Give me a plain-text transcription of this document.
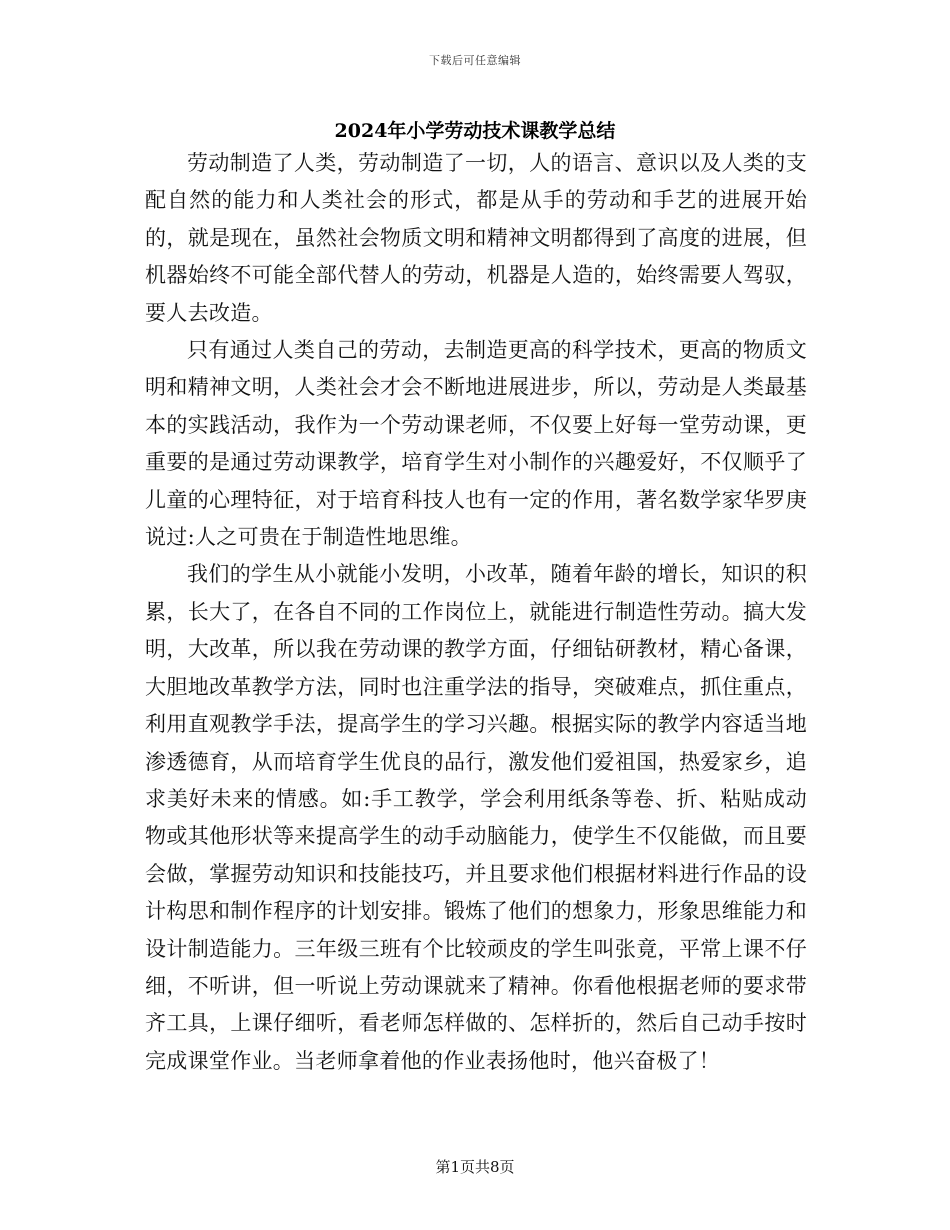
下载后可任意编辑
2024年小学劳动技术课教学总结

劳动制造了人类，劳动制造了一切，人的语言、意识以及人类的支配自然的能力和人类社会的形式，都是从手的劳动和手艺的进展开始的，就是现在，虽然社会物质文明和精神文明都得到了高度的进展，但机器始终不可能全部代替人的劳动，机器是人造的，始终需要人驾驭，要人去改造。

只有通过人类自己的劳动，去制造更高的科学技术，更高的物质文明和精神文明，人类社会才会不断地进展进步，所以，劳动是人类最基本的实践活动，我作为一个劳动课老师，不仅要上好每一堂劳动课，更重要的是通过劳动课教学，培育学生对小制作的兴趣爱好，不仅顺乎了儿童的心理特征，对于培育科技人也有一定的作用，著名数学家华罗庚说过:人之可贵在于制造性地思维。

我们的学生从小就能小发明，小改革，随着年龄的增长，知识的积累，长大了，在各自不同的工作岗位上，就能进行制造性劳动。搞大发明，大改革，所以我在劳动课的教学方面，仔细钻研教材，精心备课，大胆地改革教学方法，同时也注重学法的指导，突破难点，抓住重点，利用直观教学手法，提高学生的学习兴趣。根据实际的教学内容适当地渗透德育，从而培育学生优良的品行，激发他们爱祖国，热爱家乡，追求美好未来的情感。如:手工教学，学会利用纸条等卷、折、粘贴成动物或其他形状等来提高学生的动手动脑能力，使学生不仅能做，而且要会做，掌握劳动知识和技能技巧，并且要求他们根据材料进行作品的设计构思和制作程序的计划安排。锻炼了他们的想象力，形象思维能力和设计制造能力。三年级三班有个比较顽皮的学生叫张竟，平常上课不仔细，不听讲，但一听说上劳动课就来了精神。你看他根据老师的要求带齐工具，上课仔细听，看老师怎样做的、怎样折的，然后自己动手按时完成课堂作业。当老师拿着他的作业表扬他时，他兴奋极了！

第1页共8页
